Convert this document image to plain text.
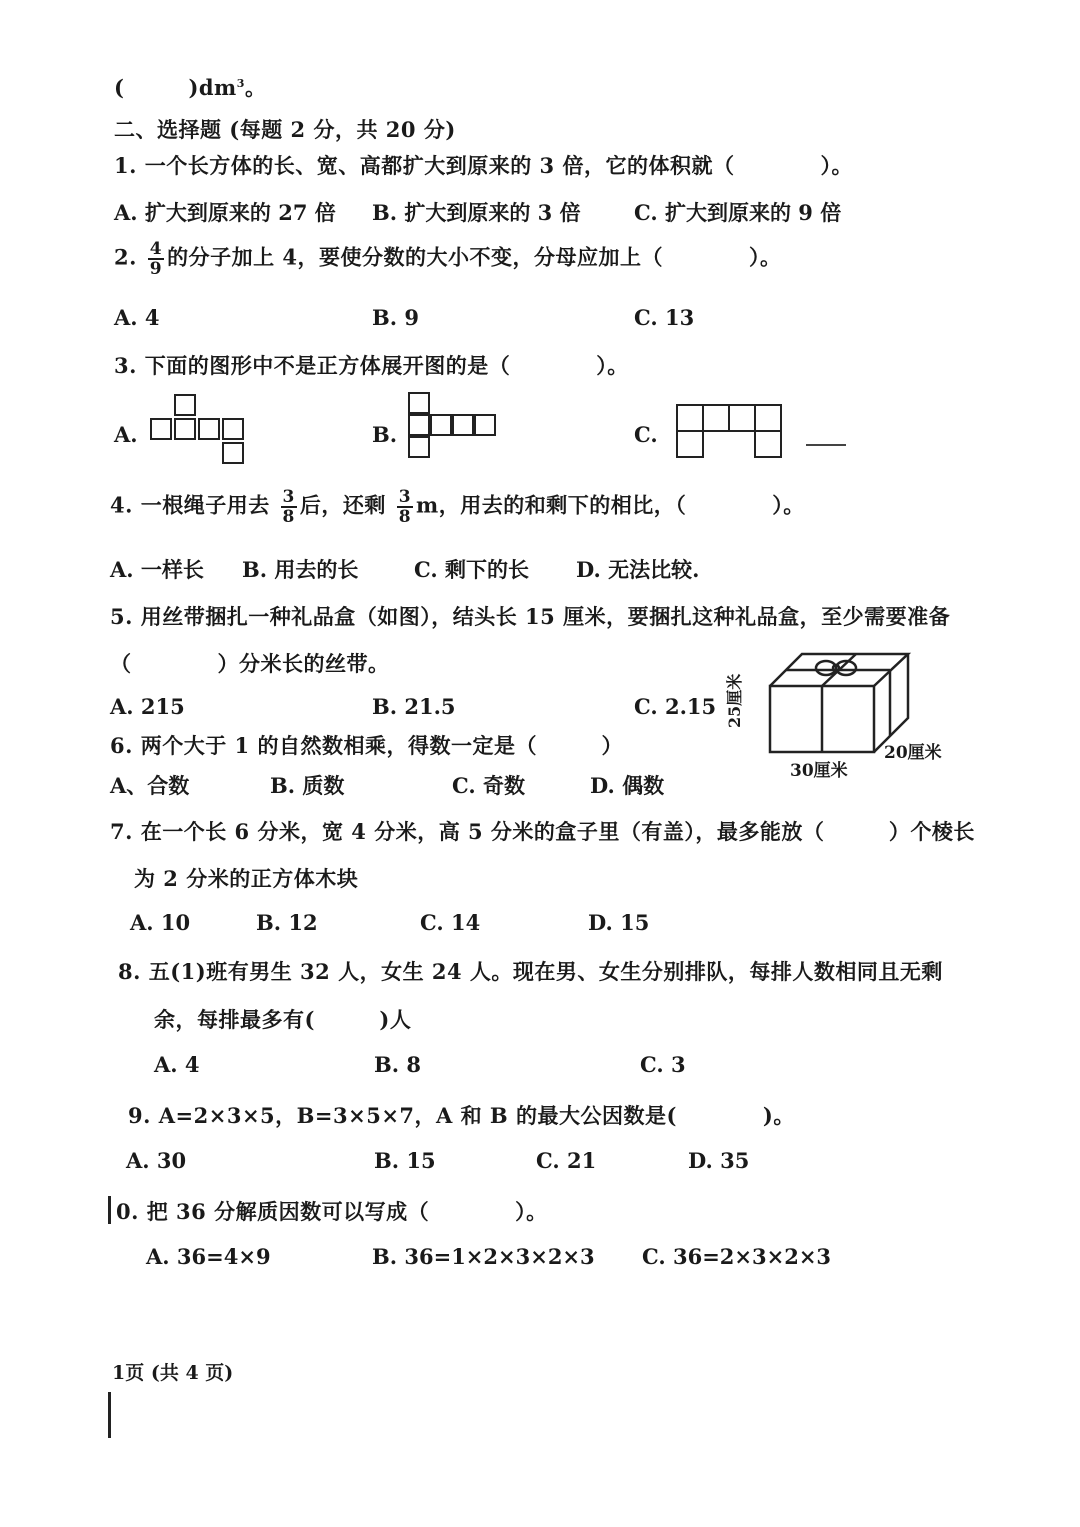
(	)$dm^3$。
二、选择题 (每题 2 分，共 20 分)
1. 一个长方体的长、宽、高都扩大到原来的 3 倍，它的体积就（　　　　）。
A. 扩大到原来的 27 倍 B. 扩大到原来的 3 倍	C. 扩大到原来的 9 倍
2. $\frac{4}{9}$ 的分子加上 4，要使分数的大小不变，分母应加上（　　　　）。
A. 4	B. 9	C. 13
3. 下面的图形中不是正方体展开图的是（　　　　）。
A.	B.	C.
4. 一根绳子用去 $\frac{3}{8}$ 后，还剩 $\frac{3}{8}$ m，用去的和剩下的相比，（　　　　）。
A. 一样长 B. 用去的长	C. 剩下的长 D. 无法比较.
5. 用丝带捆扎一种礼品盒（如图），结头长 15 厘米，要捆扎这种礼品盒，至少需要准备
（　　　　）分米长的丝带。
A. 215	B. 21.5	C. 2.15 25厘米
30厘米
20厘米
6. 两个大于 1 的自然数相乘，得数一定是（　　　）
A、合数	B. 质数	C. 奇数	D. 偶数
7. 在一个长 6 分米，宽 4 分米，高 5 分米的盒子里（有盖），最多能放（　　　）个棱长
为 2 分米的正方体木块
A. 10	B. 12	C. 14	D. 15
8. 五(1)班有男生 32 人，女生 24 人。现在男、女生分别排队，每排人数相同且无剩
余，每排最多有(　　　)人
A. 4	B. 8	C. 3
9. A=2×3×5，B=3×5×7，A 和 B 的最大公因数是(　　　　)。
A. 30	B. 15	C. 21	D. 35
0. 把 36 分解质因数可以写成（　　　　）。
A. 36=4×9	B. 36=1×2×3×2×3 C. 36=2×3×2×3
1页 (共 4 页)
